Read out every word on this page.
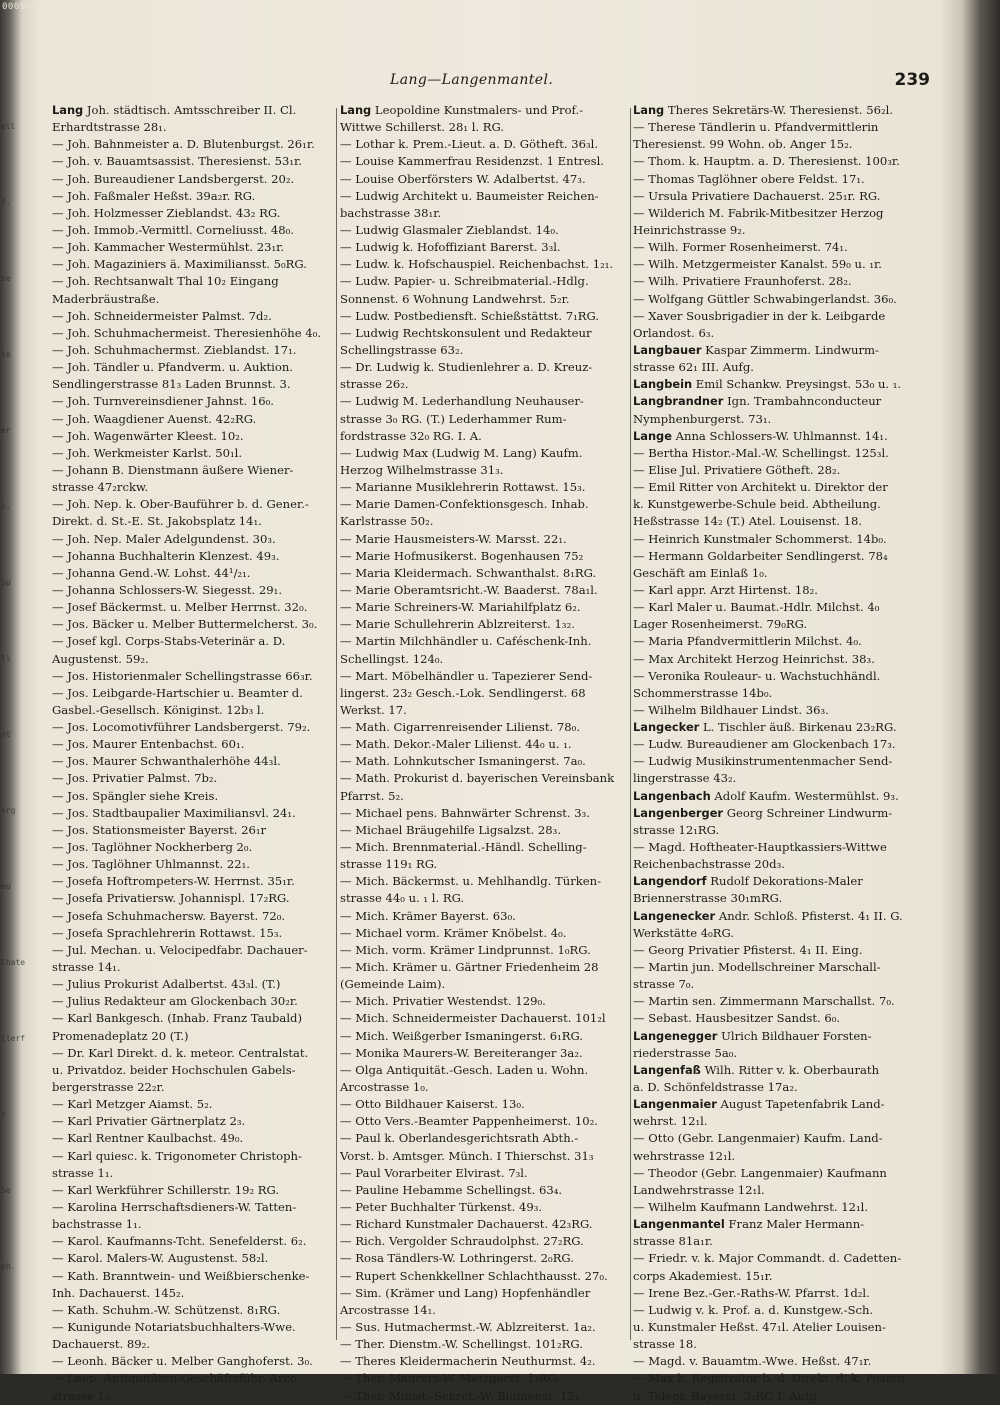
00096547
ell
f.
se
le
er
l.
Sp
ll
nt
erg
eu
Chate
llerf
n
Se
ph.
Lang—Langenmantel.	239
Lang Joh. städtisch. Amtsschreiber II. Cl.
Erhardtstrasse 28₁.
— Joh. Bahnmeister a. D. Blutenburgst. 26₁r.
— Joh. v. Bauamtsassist. Theresienst. 53₁r.
— Joh. Bureaudiener Landsbergerst. 20₂.
— Joh. Faßmaler Heßst. 39a₂r. RG.
— Joh. Holzmesser Zieblandst. 43₂ RG.
— Joh. Immob.-Vermittl. Corneliusst. 48₀.
— Joh. Kammacher Westermühlst. 23₁r.
— Joh. Magaziniers ä. Maximiliansst. 5₀RG.
— Joh. Rechtsanwalt Thal 10₂ Eingang
Maderbräustraße.
— Joh. Schneidermeister Palmst. 7d₂.
— Joh. Schuhmachermeist. Theresienhöhe 4₀.
— Joh. Schuhmachermst. Zieblandst. 17₁.
— Joh. Tändler u. Pfandverm. u. Auktion.
Sendlingerstrasse 81₃ Laden Brunnst. 3.
— Joh. Turnvereinsdiener Jahnst. 16₀.
— Joh. Waagdiener Auenst. 42₂RG.
— Joh. Wagenwärter Kleest. 10₂.
— Joh. Werkmeister Karlst. 50₁l.
— Johann B. Dienstmann äußere Wiener-
strasse 47₂rckw.
— Joh. Nep. k. Ober-Bauführer b. d. Gener.-
Direkt. d. St.-E. St. Jakobsplatz 14₁.
— Joh. Nep. Maler Adelgundenst. 30₃.
— Johanna Buchhalterin Klenzest. 49₃.
— Johanna Gend.-W. Lohst. 44¹/₂₁.
— Johanna Schlossers-W. Siegesst. 29₁.
— Josef Bäckermst. u. Melber Herrnst. 32₀.
— Jos. Bäcker u. Melber Buttermelcherst. 3₀.
— Josef kgl. Corps-Stabs-Veterinär a. D.
Augustenst. 59₂.
— Jos. Historienmaler Schellingstrasse 66₃r.
— Jos. Leibgarde-Hartschier u. Beamter d.
Gasbel.-Gesellsch. Königinst. 12b₃ l.
— Jos. Locomotivführer Landsbergerst. 79₂.
— Jos. Maurer Entenbachst. 60₁.
— Jos. Maurer Schwanthalerhöhe 44₃l.
— Jos. Privatier Palmst. 7b₂.
— Jos. Spängler siehe Kreis.
— Jos. Stadtbaupalier Maximiliansvl. 24₁.
— Jos. Stationsmeister Bayerst. 26₁r
— Jos. Taglöhner Nockherberg 2₀.
— Jos. Taglöhner Uhlmannst. 22₁.
— Josefa Hoftrompeters-W. Herrnst. 35₁r.
— Josefa Privatiersw. Johannispl. 17₂RG.
— Josefa Schuhmachersw. Bayerst. 72₀.
— Josefa Sprachlehrerin Rottawst. 15₃.
— Jul. Mechan. u. Velocipedfabr. Dachauer-
strasse 14₁.
— Julius Prokurist Adalbertst. 43₃l. (T.)
— Julius Redakteur am Glockenbach 30₂r.
— Karl Bankgesch. (Inhab. Franz Taubald)
Promenadeplatz 20 (T.)
— Dr. Karl Direkt. d. k. meteor. Centralstat.
u. Privatdoz. beider Hochschulen Gabels-
bergerstrasse 22₂r.
— Karl Metzger Aiamst. 5₂.
— Karl Privatier Gärtnerplatz 2₃.
— Karl Rentner Kaulbachst. 49₀.
— Karl quiesc. k. Trigonometer Christoph-
strasse 1₁.
— Karl Werkführer Schillerstr. 19₂ RG.
— Karolina Herrschaftsdieners-W. Tatten-
bachstrasse 1₁.
— Karol. Kaufmanns-Tcht. Senefelderst. 6₂.
— Karol. Malers-W. Augustenst. 58₂l.
— Kath. Branntwein- und Weißbierschenke-
Inh. Dachauerst. 145₂.
— Kath. Schuhm.-W. Schützenst. 8₁RG.
— Kunigunde Notariatsbuchhalters-Wwe.
Dachauerst. 89₂.
— Leonh. Bäcker u. Melber Ganghoferst. 3₀.
— Leop. Antiquitäten-Geschäftsführ. Arco-
strasse 1₀.
Lang Leopoldine Kunstmalers- und Prof.-
Wittwe Schillerst. 28₁ l. RG.
— Lothar k. Prem.-Lieut. a. D. Götheft. 36₃l.
— Louise Kammerfrau Residenzst. 1 Entresl.
— Louise Oberförsters W. Adalbertst. 47₃.
— Ludwig Architekt u. Baumeister Reichen-
bachstrasse 38₁r.
— Ludwig Glasmaler Zieblandst. 14₀.
— Ludwig k. Hofoffiziant Barerst. 3₃l.
— Ludw. k. Hofschauspiel. Reichenbachst. 1₂₁.
— Ludw. Papier- u. Schreibmaterial.-Hdlg.
Sonnenst. 6 Wohnung Landwehrst. 5₂r.
— Ludw. Postbediensft. Schießstättst. 7₁RG.
— Ludwig Rechtskonsulent und Redakteur
Schellingstrasse 63₂.
— Dr. Ludwig k. Studienlehrer a. D. Kreuz-
strasse 26₂.
— Ludwig M. Lederhandlung Neuhauser-
strasse 3₀ RG. (T.) Lederhammer Rum-
fordstrasse 32₀ RG. I. A.
— Ludwig Max (Ludwig M. Lang) Kaufm.
Herzog Wilhelmstrasse 31₃.
— Marianne Musiklehrerin Rottawst. 15₃.
— Marie Damen-Confektionsgesch. Inhab.
Karlstrasse 50₂.
— Marie Hausmeisters-W. Marsst. 22₁.
— Marie Hofmusikerst. Bogenhausen 75₂
— Maria Kleidermach. Schwanthalst. 8₁RG.
— Marie Oberamtsricht.-W. Baaderst. 78a₁l.
— Marie Schreiners-W. Mariahilfplatz 6₂.
— Marie Schullehrerin Ablzreiterst. 1₃₂.
— Martin Milchhändler u. Caféschenk-Inh.
Schellingst. 124₀.
— Mart. Möbelhändler u. Tapezierer Send-
lingerst. 23₂ Gesch.-Lok. Sendlingerst. 68
Werkst. 17.
— Math. Cigarrenreisender Lilienst. 78₀.
— Math. Dekor.-Maler Lilienst. 44₀ u. ₁.
— Math. Lohnkutscher Ismaningerst. 7a₀.
— Math. Prokurist d. bayerischen Vereinsbank
Pfarrst. 5₂.
— Michael pens. Bahnwärter Schrenst. 3₃.
— Michael Bräugehilfe Ligsalzst. 28₃.
— Mich. Brennmaterial.-Händl. Schelling-
strasse 119₁ RG.
— Mich. Bäckermst. u. Mehlhandlg. Türken-
strasse 44₀ u. ₁ l. RG.
— Mich. Krämer Bayerst. 63₀.
— Michael vorm. Krämer Knöbelst. 4₀.
— Mich. vorm. Krämer Lindprunnst. 1₀RG.
— Mich. Krämer u. Gärtner Friedenheim 28
(Gemeinde Laim).
— Mich. Privatier Westendst. 129₀.
— Mich. Schneidermeister Dachauerst. 101₂l
— Mich. Weißgerber Ismaningerst. 6₁RG.
— Monika Maurers-W. Bereiteranger 3a₂.
— Olga Antiquität.-Gesch. Laden u. Wohn.
Arcostrasse 1₀.
— Otto Bildhauer Kaiserst. 13₀.
— Otto Vers.-Beamter Pappenheimerst. 10₂.
— Paul k. Oberlandesgerichtsrath Abth.-
Vorst. b. Amtsger. Münch. I Thierschst. 31₃
— Paul Vorarbeiter Elvirast. 7₃l.
— Pauline Hebamme Schellingst. 63₄.
— Peter Buchhalter Türkenst. 49₃.
— Richard Kunstmaler Dachauerst. 42₃RG.
— Rich. Vergolder Schraudolphst. 27₂RG.
— Rosa Tändlers-W. Lothringerst. 2₀RG.
— Rupert Schenkkellner Schlachthausst. 27₀.
— Sim. (Krämer und Lang) Hopfenhändler
Arcostrasse 14₁.
— Sus. Hutmachermst.-W. Ablzreiterst. 1a₂.
— Ther. Dienstm.-W. Schellingst. 101₂RG.
— Theres Kleidermacherin Neuthurmst. 4₂.
— Ther. Maurers-W. Metzgerst. 1₁RG.
— Ther. Minist.-Sekret.-W. Blumenst. 15₁.
Lang Theres Sekretärs-W. Theresienst. 56₂l.
— Therese Tändlerin u. Pfandvermittlerin
Theresienst. 99 Wohn. ob. Anger 15₂.
— Thom. k. Hauptm. a. D. Theresienst. 100₃r.
— Thomas Taglöhner obere Feldst. 17₁.
— Ursula Privatiere Dachauerst. 25₁r. RG.
— Wilderich M. Fabrik-Mitbesitzer Herzog
Heinrichstrasse 9₂.
— Wilh. Former Rosenheimerst. 74₁.
— Wilh. Metzgermeister Kanalst. 59₀ u. ₁r.
— Wilh. Privatiere Fraunhoferst. 28₂.
— Wolfgang Güttler Schwabingerlandst. 36₀.
— Xaver Sousbrigadier in der k. Leibgarde
Orlandost. 6₃.
Langbauer Kaspar Zimmerm. Lindwurm-
strasse 62₁ III. Aufg.
Langbein Emil Schankw. Preysingst. 53₀ u. ₁.
Langbrandner Ign. Trambahnconducteur
Nymphenburgerst. 73₁.
Lange Anna Schlossers-W. Uhlmannst. 14₁.
— Bertha Histor.-Mal.-W. Schellingst. 125₃l.
— Elise Jul. Privatiere Götheft. 28₂.
— Emil Ritter von Architekt u. Direktor der
k. Kunstgewerbe-Schule beid. Abtheilung.
Heßstrasse 14₂ (T.) Atel. Louisenst. 18.
— Heinrich Kunstmaler Schommerst. 14b₀.
— Hermann Goldarbeiter Sendlingerst. 78₄
Geschäft am Einlaß 1₀.
— Karl appr. Arzt Hirtenst. 18₂.
— Karl Maler u. Baumat.-Hdlr. Milchst. 4₀
Lager Rosenheimerst. 79₀RG.
— Maria Pfandvermittlerin Milchst. 4₀.
— Max Architekt Herzog Heinrichst. 38₃.
— Veronika Rouleaur- u. Wachstuchhändl.
Schommerstrasse 14b₀.
— Wilhelm Bildhauer Lindst. 36₃.
Langecker L. Tischler äuß. Birkenau 23₂RG.
— Ludw. Bureaudiener am Glockenbach 17₃.
— Ludwig Musikinstrumentenmacher Send-
lingerstrasse 43₂.
Langenbach Adolf Kaufm. Westermühlst. 9₃.
Langenberger Georg Schreiner Lindwurm-
strasse 12₁RG.
— Magd. Hoftheater-Hauptkassiers-Wittwe
Reichenbachstrasse 20d₃.
Langendorf Rudolf Dekorations-Maler
Briennerstrasse 30₁mRG.
Langenecker Andr. Schloß. Pfisterst. 4₁ II. G.
Werkstätte 4₀RG.
— Georg Privatier Pfisterst. 4₁ II. Eing.
— Martin jun. Modellschreiner Marschall-
strasse 7₀.
— Martin sen. Zimmermann Marschallst. 7₀.
— Sebast. Hausbesitzer Sandst. 6₀.
Langenegger Ulrich Bildhauer Forsten-
riederstrasse 5a₀.
Langenfaß Wilh. Ritter v. k. Oberbaurath
a. D. Schönfeldstrasse 17a₂.
Langenmaier August Tapetenfabrik Land-
wehrst. 12₁l.
— Otto (Gebr. Langenmaier) Kaufm. Land-
wehrstrasse 12₁l.
— Theodor (Gebr. Langenmaier) Kaufmann
Landwehrstrasse 12₁l.
— Wilhelm Kaufmann Landwehrst. 12₁l.
Langenmantel Franz Maler Hermann-
strasse 81a₁r.
— Friedr. v. k. Major Commandt. d. Cadetten-
corps Akademiest. 15₁r.
— Irene Bez.-Ger.-Raths-W. Pfarrst. 1d₂l.
— Ludwig v. k. Prof. a. d. Kunstgew.-Sch.
u. Kunstmaler Heßst. 47₁l. Atelier Louisen-
strasse 18.
— Magd. v. Bauamtm.-Wwe. Heßst. 47₁r.
— Max k. Registrator b. d. Direkt. d. k. Posten
u. Telegr. Bayerst. 3₂RG I. Aufg.
